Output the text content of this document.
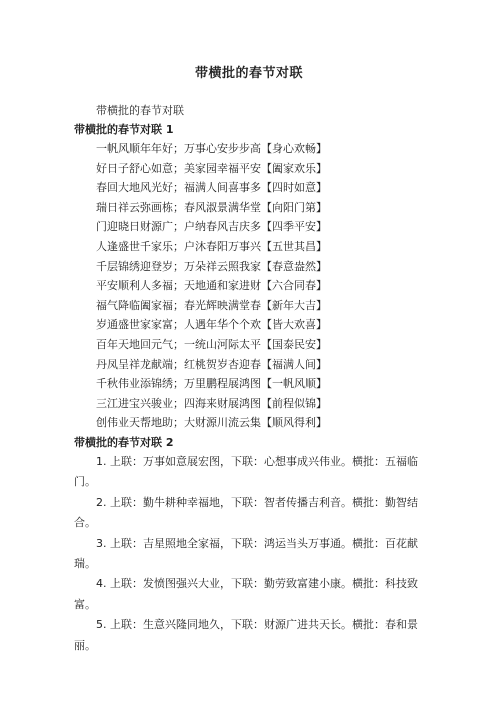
带横批的春节对联

带横批的春节对联

带横批的春节对联 1

一帆风顺年年好；万事心安步步高【身心欢畅】
好日子舒心如意；美家园幸福平安【阖家欢乐】
春回大地风光好；福满人间喜事多【四时如意】
瑞日祥云弥画栋；春风淑景满华堂【向阳门第】
门迎晓日财源广；户纳春风吉庆多【四季平安】
人逢盛世千家乐；户沐春阳万事兴【五世其昌】
千层锦绣迎登岁；万朵祥云照我家【春意盎然】
平安顺利人多福；天地通和家进财【六合同春】
福气降临阖家福；春光辉映满堂春【新年大吉】
岁通盛世家家富；人遇年华个个欢【皆大欢喜】
百年天地回元气；一统山河际太平【国泰民安】
丹凤呈祥龙献端；红桃贺岁杏迎春【福满人间】
千秋伟业添锦绣；万里鹏程展鸿图【一帆风顺】
三江进宝兴骏业；四海来财展鸿图【前程似锦】
创伟业天帮地助；大财源川流云集【顺风得利】

带横批的春节对联 2

1. 上联：万事如意展宏图，下联：心想事成兴伟业。横批：五福临门。
2. 上联：勤牛耕种幸福地，下联：智者传播吉利音。横批：勤智结合。
3. 上联：吉星照地全家福，下联：鸿运当头万事通。横批：百花献瑞。
4. 上联：发愤图强兴大业，下联：勤劳致富建小康。横批：科技致富。
5. 上联：生意兴隆同地久，下联：财源广进共天长。横批：春和景丽。
